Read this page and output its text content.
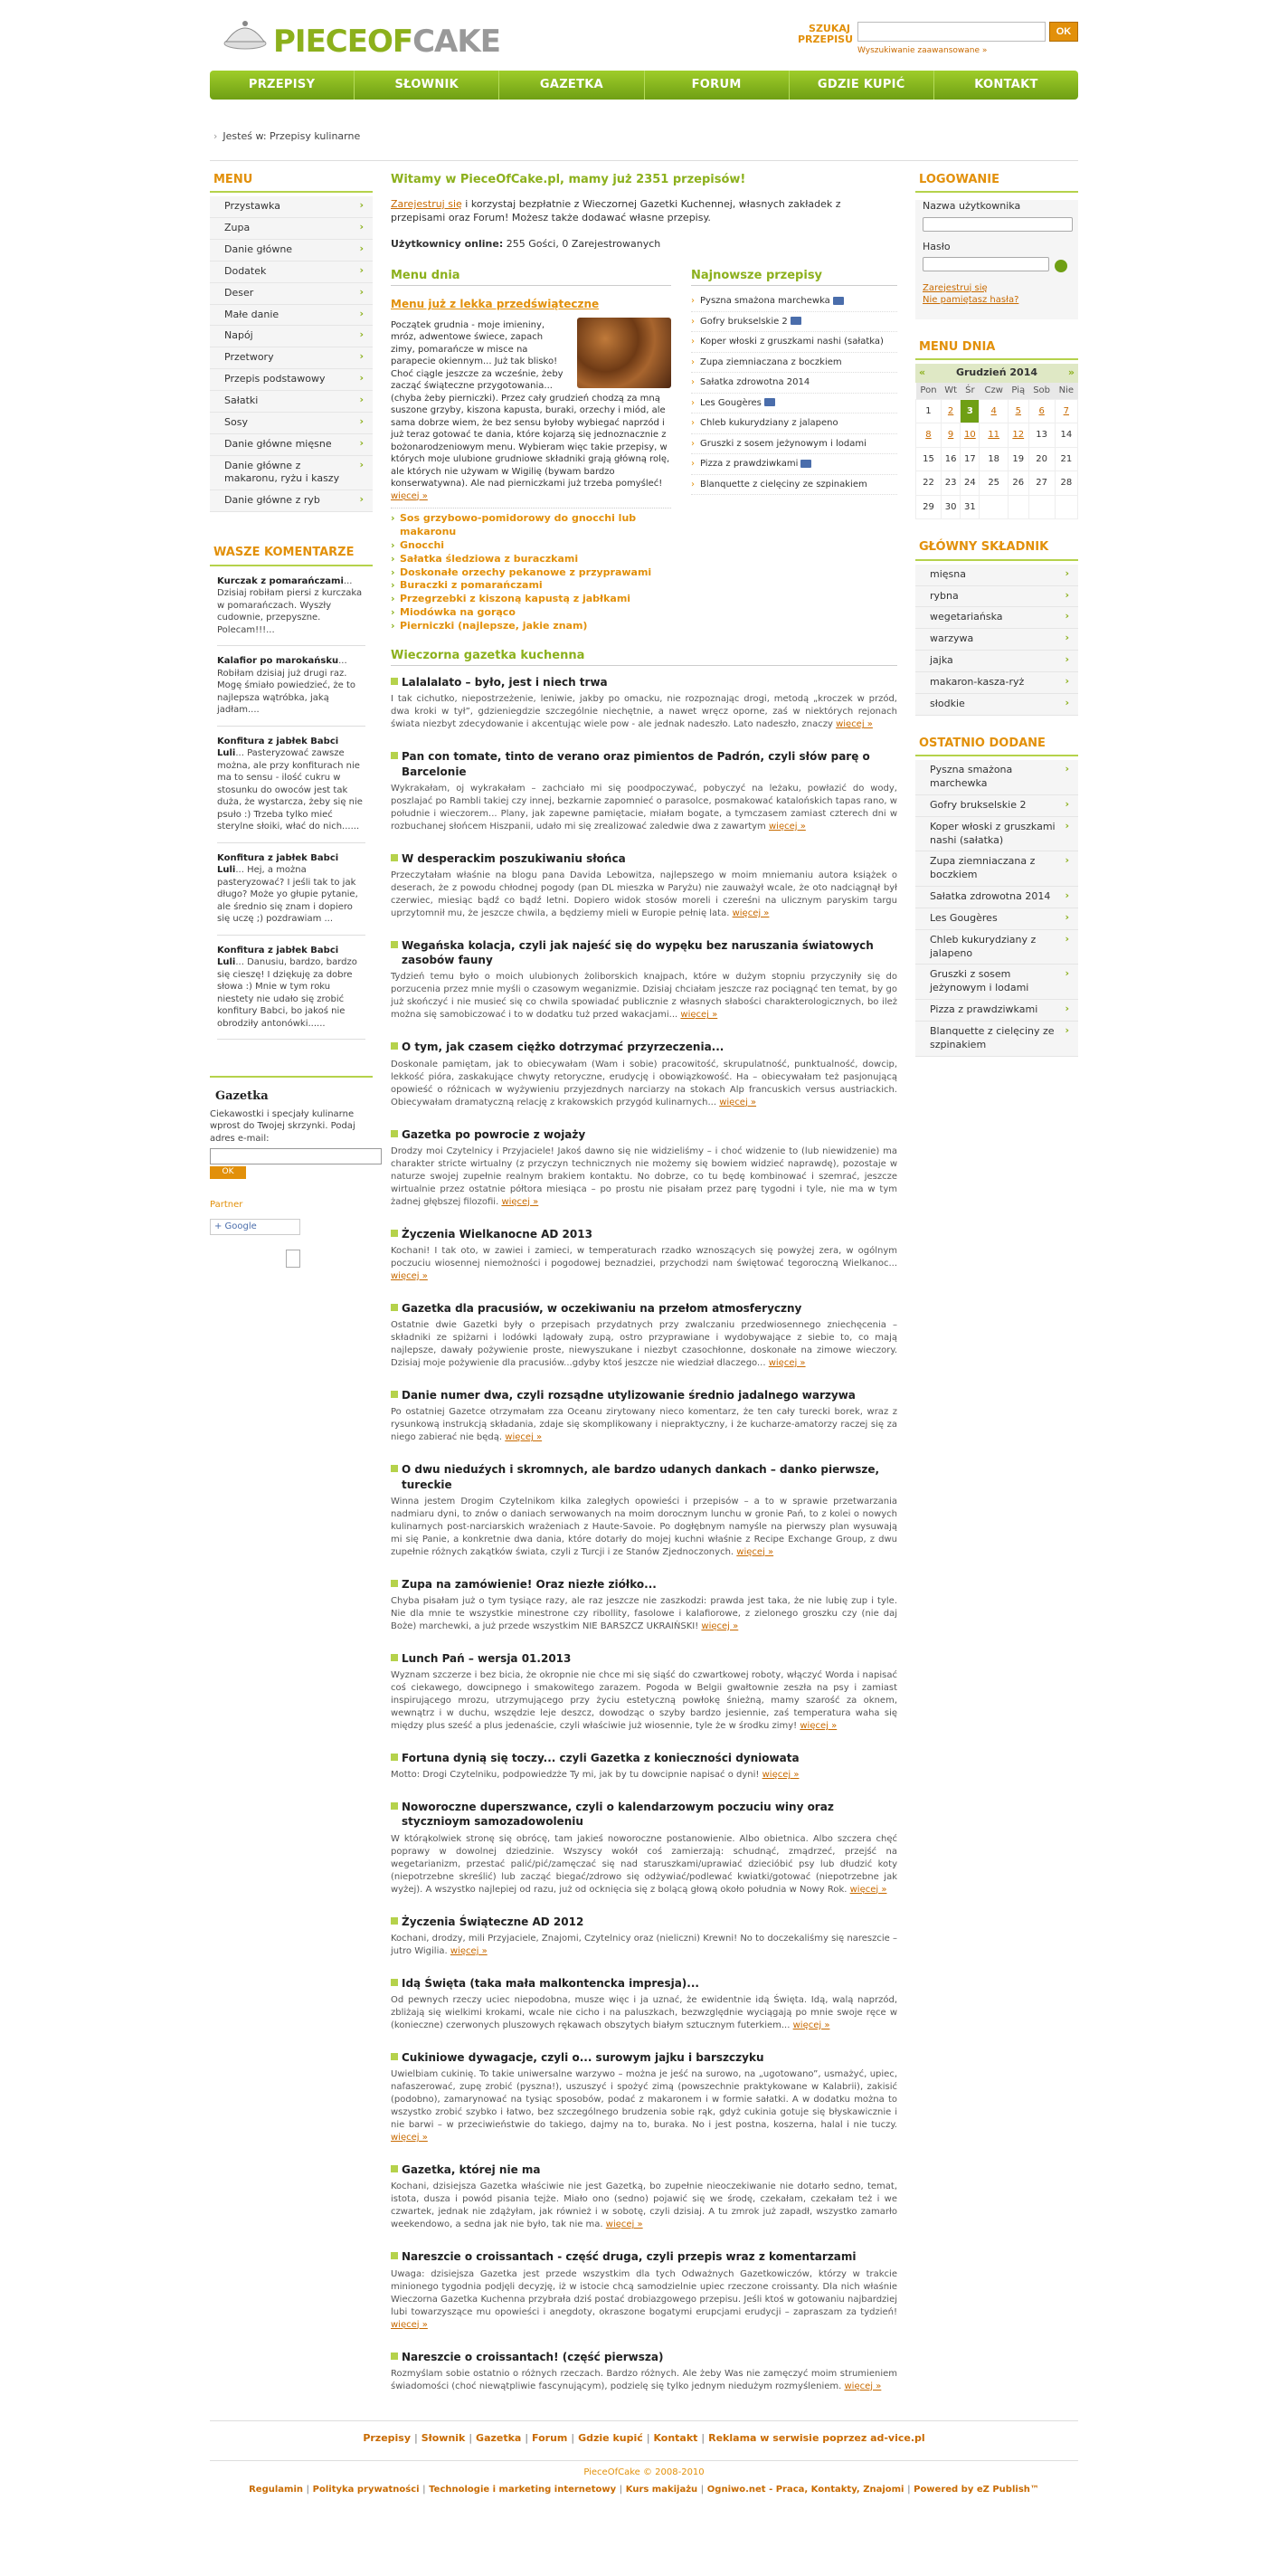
PIECEOFCAKE	SZUKAJ
PRZEPISU
OK
Wyszukiwanie zaawansowane »
PRZEPISY	SŁOWNIK	GAZETKA	FORUM	GDZIE KUPIĆ	KONTAKT
› Jesteś w: Przepisy kulinarne
MENU
Przystawka ›
Zupa ›
Danie główne ›
Dodatek ›
Deser ›
Małe danie ›
Napój ›
Przetwory ›
Przepis podstawowy ›
Sałatki ›
Sosy ›
Danie główne mięsne ›
Danie główne z makaronu, ryżu i kaszy ›
Danie główne z ryb ›
WASZE KOMENTARZE
Kurczak z pomarańczami... Dzisiaj robiłam piersi z kurczaka w pomarańczach. Wyszły cudownie, przepyszne. Polecam!!!...
Kalafior po marokańsku... Robiłam dzisiaj już drugi raz. Mogę śmiało powiedzieć, że to najlepsza wątróbka, jaką jadłam....
Konfitura z jabłek Babci Luli... Pasteryzować zawsze można, ale przy konfiturach nie ma to sensu - ilość cukru w stosunku do owoców jest tak duża, że wystarcza, żeby się nie psuło :) Trzeba tylko mieć sterylne słoiki, włać do nich......
Konfitura z jabłek Babci Luli... Hej, a można pasteryzować? I jeśli tak to jak długo? Może yo głupie pytanie, ale średnio się znam i dopiero się uczę ;) pozdrawiam ...
Konfitura z jabłek Babci Luli... Danusiu, bardzo, bardzo się cieszę! I dziękuję za dobre słowa :) Mnie w tym roku niestety nie udało się zrobić konfitury Babci, bo jakoś nie obrodziły antonówki......
Gazetka

Ciekawostki i specjały kulinarne wprost do Twojej skrzynki. Podaj adres e-mail:

OK
Partner
+ Google
Witamy w PieceOfCake.pl, mamy już 2351 przepisów!
Zarejestruj się i korzystaj bezpłatnie z Wieczornej Gazetki Kuchennej, własnych zakładek z przepisami oraz Forum! Możesz także dodawać własne przepisy.
Użytkownicy online: 255 Gości, 0 Zarejestrowanych
Menu dnia
Menu już z lekka przedświąteczne
Początek grudnia - moje imieniny, mróz, adwentowe świece, zapach zimy, pomarańcze w misce na parapecie okiennym... Już tak blisko! Choć ciągle jeszcze za wcześnie, żeby zacząć świąteczne przygotowania... (chyba żeby pierniczki). Przez cały grudzień chodzą za mną suszone grzyby, kiszona kapusta, buraki, orzechy i miód, ale sama dobrze wiem, że bez sensu byłoby wybiegać naprzód i już teraz gotować te dania, które kojarzą się jednoznacznie z bożonarodzeniowym menu. Wybieram więc takie przepisy, w których moje ulubione grudniowe składniki grają główną rolę, ale których nie używam w Wigilię (bywam bardzo konserwatywna). Ale nad pierniczkami już trzeba pomyśleć! więcej »
› Sos grzybowo-pomidorowy do gnocchi lub makaronu
› Gnocchi
› Sałatka śledziowa z buraczkami
› Doskonałe orzechy pekanowe z przyprawami
› Buraczki z pomarańczami
› Przegrzebki z kiszoną kapustą z jabłkami
› Miodówka na gorąco
› Pierniczki (najlepsze, jakie znam)
Najnowsze przepisy
› Pyszna smażona marchewka
› Gofry brukselskie 2
› Koper włoski z gruszkami nashi (sałatka)
› Zupa ziemniaczana z boczkiem
› Sałatka zdrowotna 2014
› Les Gougères
› Chleb kukurydziany z jalapeno
› Gruszki z sosem jeżynowym i lodami
› Pizza z prawdziwkami
› Blanquette z cielęciny ze szpinakiem
Wieczorna gazetka kuchenna
Lalalalato – było, jest i niech trwa

I tak cichutko, niepostrzeżenie, leniwie, jakby po omacku, nie rozpoznając drogi, metodą „kroczek w przód, dwa kroki w tył”, gdzieniegdzie szczególnie niechętnie, a nawet wręcz oporne, zaś w niektórych rejonach świata niezbyt zdecydowanie i akcentując wiele pow - ale jednak nadeszło. Lato nadeszło, znaczy więcej »

Pan con tomate, tinto de verano oraz pimientos de Padrón, czyli słów parę o Barcelonie

Wykrakałam, oj wykrakałam – zachciało mi się poodpoczywać, pobyczyć na leżaku, powłazić do wody, poszlajać po Rambli takiej czy innej, bezkarnie zapomnieć o parasolce, posmakować katalońskich tapas rano, w południe i wieczorem... Plany, jak zapewne pamiętacie, miałam bogate, a tymczasem zamiast czterech dni w rozbuchanej słońcem Hiszpanii, udało mi się zrealizować zaledwie dwa z zawartym więcej »

W desperackim poszukiwaniu słońca

Przeczytałam właśnie na blogu pana Davida Lebowitza, najlepszego w moim mniemaniu autora książek o deserach, że z powodu chłodnej pogody (pan DL mieszka w Paryżu) nie zauważył wcale, że oto nadciągnął był czerwiec, miesiąc bądź co bądź letni. Dopiero widok stosów moreli i czereśni na ulicznym paryskim targu uprzytomnił mu, że jeszcze chwila, a będziemy mieli w Europie pełnię lata. więcej »

Wegańska kolacja, czyli jak najeść się do wypęku bez naruszania światowych zasobów fauny

Tydzień temu było o moich ulubionych żoliborskich knajpach, które w dużym stopniu przyczyniły się do porzucenia przez mnie myśli o czasowym weganizmie. Dzisiaj chciałam jeszcze raz pociągnąć ten temat, by go już skończyć i nie musieć się co chwila spowiadać publicznie z własnych słabości charakterologicznych, bo ileż można się samobiczować i to w dodatku tuż przed wakacjami... więcej »

O tym, jak czasem ciężko dotrzymać przyrzeczenia...

Doskonale pamiętam, jak to obiecywałam (Wam i sobie) pracowitość, skrupulatność, punktualność, dowcip, lekkość pióra, zaskakujące chwyty retoryczne, erudycję i obowiązkowość. Ha – obiecywałam też pasjonującą opowieść o różnicach w wyżywieniu przyjezdnych narciarzy na stokach Alp francuskich versus austriackich. Obiecywałam dramatyczną relację z krakowskich przygód kulinarnych... więcej »

Gazetka po powrocie z wojaży

Drodzy moi Czytelnicy i Przyjaciele! Jakoś dawno się nie widzieliśmy – i choć widzenie to (lub niewidzenie) ma charakter stricte wirtualny (z przyczyn technicznych nie możemy się bowiem widzieć naprawdę), pozostaje w naturze swojej zupełnie realnym brakiem kontaktu. No dobrze, co tu będę kombinować i szemrać, jeszcze wirtualnie przez ostatnie półtora miesiąca – po prostu nie pisałam przez parę tygodni i tyle, nie ma w tym żadnej głębszej filozofii. więcej »

Życzenia Wielkanocne AD 2013

Kochani! I tak oto, w zawiei i zamieci, w temperaturach rzadko wznoszących się powyżej zera, w ogólnym poczuciu wiosennej niemożności i pogodowej beznadziei, przychodzi nam świętować tegoroczną Wielkanoc... więcej »

Gazetka dla pracusiów, w oczekiwaniu na przełom atmosferyczny

Ostatnie dwie Gazetki były o przepisach przydatnych przy zwalczaniu przedwiosennego zniechęcenia – składniki ze spiżarni i lodówki lądowały zupą, ostro przyprawiane i wydobywające z siebie to, co mają najlepsze, dawały pożywienie proste, niewyszukane i niezbyt czasochłonne, doskonałe na zimowe wieczory. Dzisiaj moje pożywienie dla pracusiów...gdyby ktoś jeszcze nie wiedział dlaczego... więcej »

Danie numer dwa, czyli rozsądne utylizowanie średnio jadalnego warzywa

Po ostatniej Gazetce otrzymałam zza Oceanu zirytowany nieco komentarz, że ten cały turecki borek, wraz z rysunkową instrukcją składania, zdaje się skomplikowany i niepraktyczny, i że kucharze-amatorzy raczej się za niego zabierać nie będą. więcej »

O dwu nieduźych i skromnych, ale bardzo udanych dankach – danko pierwsze, tureckie

Winna jestem Drogim Czytelnikom kilka zaległych opowieści i przepisów – a to w sprawie przetwarzania nadmiaru dyni, to znów o daniach serwowanych na moim dorocznym lunchu w gronie Pań, to z kolei o nowych kulinarnych post-narciarskich wrażeniach z Haute-Savoie. Po dogłębnym namyśle na pierwszy plan wysuwają mi się Panie, a konkretnie dwa dania, które dotarły do mojej kuchni właśnie z Recipe Exchange Group, z dwu zupełnie różnych zakątków świata, czyli z Turcji i ze Stanów Zjednoczonych. więcej »

Zupa na zamówienie! Oraz niezłe ziółko...

Chyba pisałam już o tym tysiące razy, ale raz jeszcze nie zaszkodzi: prawda jest taka, że nie lubię zup i tyle. Nie dla mnie te wszystkie minestrone czy ribollity, fasolowe i kalafiorowe, z zielonego groszku czy (nie daj Boże) marchewki, a już przede wszystkim NIE BARSZCZ UKRAIŃSKI! więcej »

Lunch Pań – wersja 01.2013

Wyznam szczerze i bez bicia, że okropnie nie chce mi się siąść do czwartkowej roboty, włączyć Worda i napisać coś ciekawego, dowcipnego i smakowitego zarazem. Pogoda w Belgii gwałtownie zeszła na psy i zamiast inspirującego mrozu, utrzymującego przy życiu estetyczną powłokę śnieżną, mamy szarość za oknem, wewnątrz i w duchu, wszędzie leje deszcz, dowodząc o szyby bardzo jesiennie, zaś temperatura waha się między plus sześć a plus jedenaście, czyli właściwie już wiosennie, tyle że w środku zimy! więcej »

Fortuna dynią się toczy... czyli Gazetka z konieczności dyniowata

Motto: Drogi Czytelniku, podpowiedzże Ty mi, jak by tu dowcipnie napisać o dyni! więcej »

Noworoczne duperszwance, czyli o kalendarzowym poczuciu winy oraz stycznioym samozadowoleniu

W którąkolwiek stronę się obrócę, tam jakieś noworoczne postanowienie. Albo obietnica. Albo szczera chęć poprawy w dowolnej dziedzinie. Wszyscy wokół coś zamierzają: schudnąć, zmądrzeć, przejść na wegetarianizm, przestać palić/pić/zamęczać się nad staruszkami/uprawiać dziecióbić psy lub dłudzić koty (niepotrzebne skreślić) lub zacząć biegać/zdrowo się odżywiać/podlewać kwiatki/gotować (niepotrzebne jak wyżej). A wszystko najlepiej od razu, już od ocknięcia się z bolącą głową około południa w Nowy Rok. więcej »

Życzenia Świąteczne AD 2012

Kochani, drodzy, mili Przyjaciele, Znajomi, Czytelnicy oraz (nieliczni) Krewni! No to doczekaliśmy się nareszcie – jutro Wigilia. więcej »

Idą Święta (taka mała malkontencka impresja)...

Od pewnych rzeczy uciec niepodobna, musze więc i ja uznać, że ewidentnie idą Święta. Idą, walą naprzód, zbliżają się wielkimi krokami, wcale nie cicho i na paluszkach, bezwzględnie wyciągają po mnie swoje ręce w (konieczne) czerwonych pluszowych rękawach obszytych białym sztucznym futerkiem... więcej »

Cukiniowe dywagacje, czyli o... surowym jajku i barszczyku

Uwielbiam cukinię. To takie uniwersalne warzywo – można je jeść na surowo, na „ugotowano”, usmażyć, upiec, nafaszerować, zupę zrobić (pyszna!), uszuszyć i spożyć zimą (powszechnie praktykowane w Kalabrii), zakisić (podobno), zamarynować na tysiąc sposobów, podać z makaronem i w formie sałatki. A w dodatku można to wszystko zrobić szybko i łatwo, bez szczególnego brudzenia sobie rąk, gdyż cukinia gotuje się błyskawicznie i nie barwi – w przeciwieństwie do takiego, dajmy na to, buraka. No i jest postna, koszerna, halal i nie tuczy. więcej »

Gazetka, której nie ma

Kochani, dzisiejsza Gazetka właściwie nie jest Gazetką, bo zupełnie nieoczekiwanie nie dotarło sedno, temat, istota, dusza i powód pisania tejże. Miało ono (sedno) pojawić się we środę, czekałam, czekałam też i we czwartek, jednak nie zdążyłam, jak również i w sobotę, czyli dzisiaj. A tu zmrok już zapadł, wszystko zamarło weekendowo, a sedna jak nie było, tak nie ma. więcej »

Nareszcie o croissantach - część druga, czyli przepis wraz z komentarzami

Uwaga: dzisiejsza Gazetka jest przede wszystkim dla tych Odważnych Gazetkowiczów, którzy w trakcie minionego tygodnia podjęli decyzję, iż w istocie chcą samodzielnie upiec rzeczone croissanty. Dla nich właśnie Wieczorna Gazetka Kuchenna przybrała dziś postać drobiazgowego przepisu. Jeśli ktoś w gotowaniu najbardziej lubi towarzyszące mu opowieści i anegdoty, okraszone bogatymi erupcjami erudycji – zapraszam za tydzień! więcej »

Nareszcie o croissantach! (część pierwsza)

Rozmyślam sobie ostatnio o różnych rzeczach. Bardzo różnych. Ale żeby Was nie zamęczyć moim strumieniem świadomości (choć niewątpliwie fascynującym), podzielę się tylko jednym niedużym rozmyśleniem. więcej »

LOGOWANIE
Nazwa użytkownika
Hasło
Zarejestruj się
Nie pamiętasz hasła?
MENU DNIA
«	Grudzień 2014	»
Pon	Wt	Śr	Czw	Pią	Sob	Nie
1	2	3	4	5	6	7
8	9	10	11	12	13	14
15	16	17	18	19	20	21
22	23	24	25	26	27	28
29	30	31				
GŁÓWNY SKŁADNIK
mięsna ›
rybna ›
wegetariańska ›
warzywa ›
jajka ›
makaron-kasza-ryż ›
słodkie ›
OSTATNIO DODANE
Pyszna smażona marchewka ›
Gofry brukselskie 2 ›
Koper włoski z gruszkami nashi (sałatka) ›
Zupa ziemniaczana z boczkiem ›
Sałatka zdrowotna 2014 ›
Les Gougères ›
Chleb kukurydziany z jalapeno ›
Gruszki z sosem jeżynowym i lodami ›
Pizza z prawdziwkami ›
Blanquette z cielęciny ze szpinakiem ›
Przepisy | Słownik | Gazetka | Forum | Gdzie kupić | Kontakt | Reklama w serwisie poprzez ad-vice.pl
PieceOfCake © 2008-2010
Regulamin | Polityka prywatności | Technologie i marketing internetowy | Kurs makijażu | Ogniwo.net - Praca, Kontakty, Znajomi | Powered by eZ Publish™
